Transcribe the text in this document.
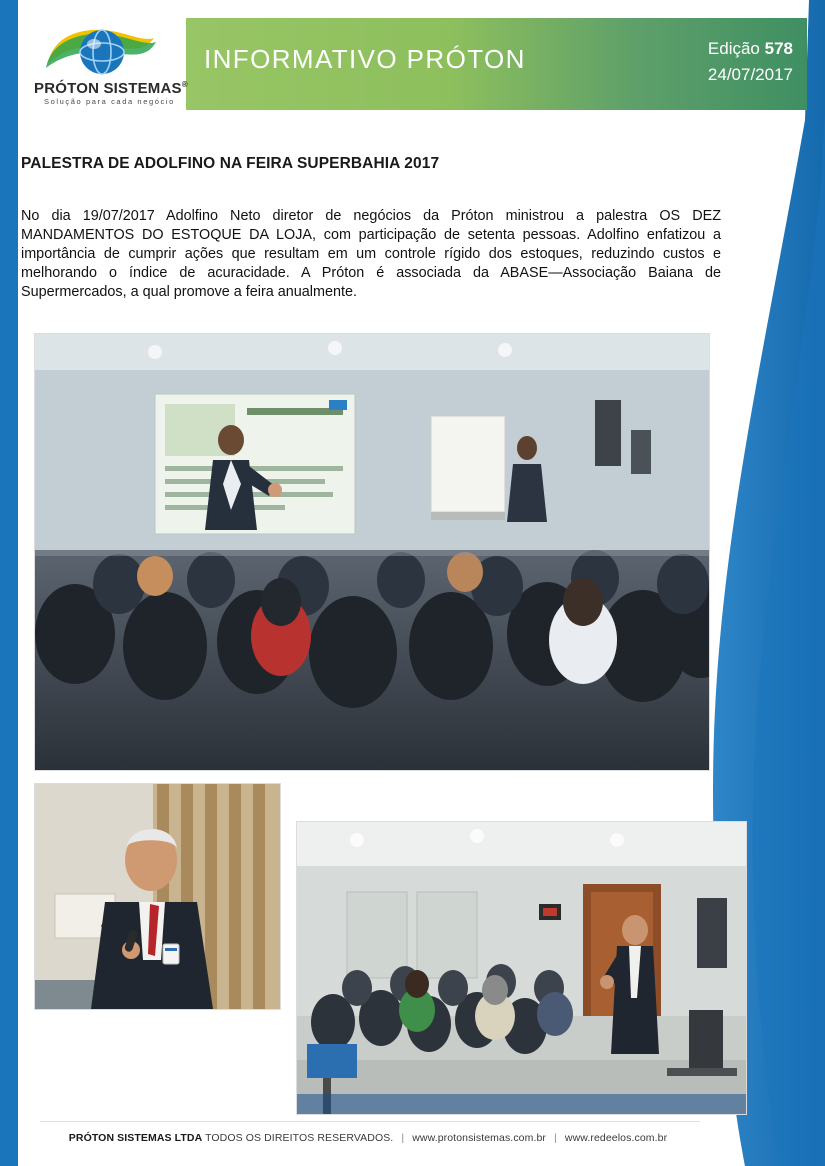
PRÓTON SISTEMAS®
Solução para cada negócio
INFORMATIVO PRÓTON	Edição 578
24/07/2017
PALESTRA DE ADOLFINO NA FEIRA SUPERBAHIA 2017
No dia 19/07/2017 Adolfino Neto diretor de negócios da Próton ministrou a palestra OS DEZ MANDAMENTOS DO ESTOQUE DA LOJA, com participação de setenta pessoas. Adolfino enfatizou a importância de cumprir ações que resultam em um controle rígido dos estoques, reduzindo custos e melhorando o índice de acuracidade. A Próton é associada da ABASE—Associação Baiana de Supermercados, a qual promove a feira anualmente.
PRÓTON SISTEMAS LTDA TODOS OS DIREITOS RESERVADOS. | www.protonsistemas.com.br | www.redeelos.com.br
